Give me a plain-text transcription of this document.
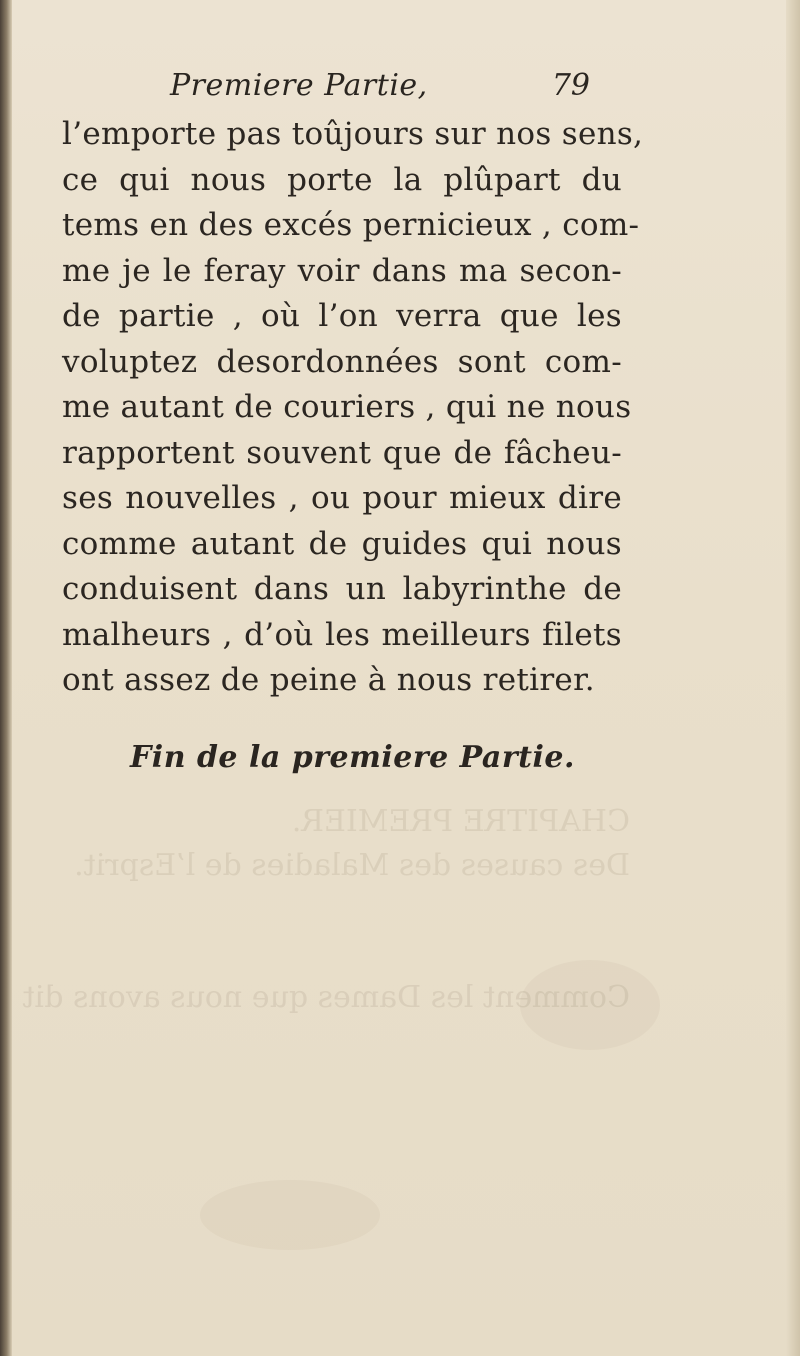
CHAPITRE PREMIER.
Des causes des Maladies de l’Esprit.

Comment les Dames que nous avons dit
Premiere Partie,	79
l’emporte pas toûjours sur nos sens,
ce qui nous porte la plûpart du
tems en des excés pernicieux , com-
me je le feray voir dans ma secon-
de partie , où l’on verra que les
voluptez desordonnées sont com-
me autant de couriers , qui ne nous
rapportent souvent que de fâcheu-
ses nouvelles , ou pour mieux dire
comme autant de guides qui nous
conduisent dans un labyrinthe de
malheurs , d’où les meilleurs filets
ont assez de peine à nous retirer.
Fin de la premiere Partie.
